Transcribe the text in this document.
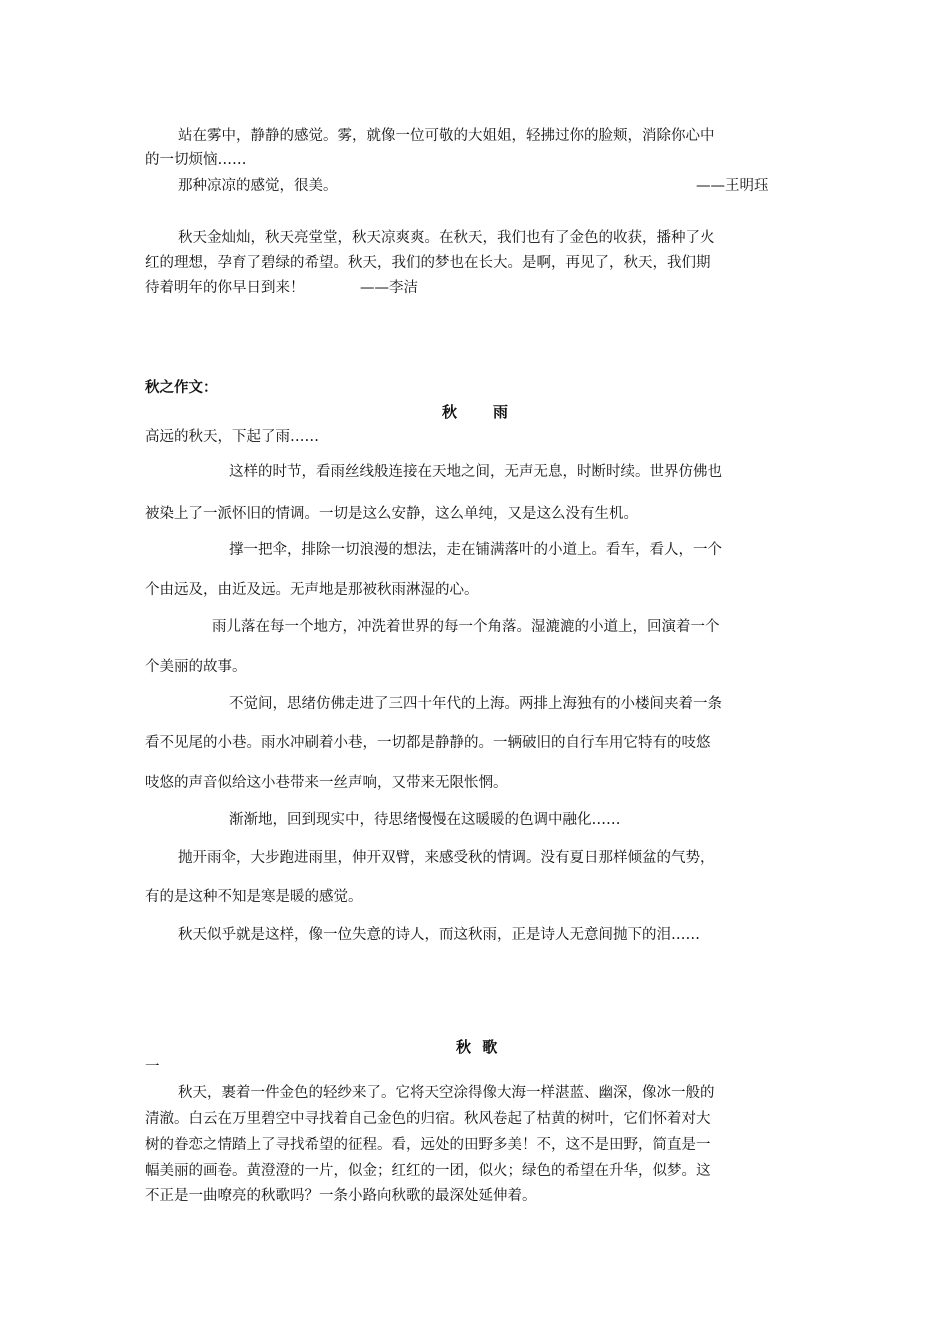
站在雾中，静静的感觉。雾，就像一位可敬的大姐姐，轻拂过你的脸颊，消除你心中
的一切烦恼……
那种凉凉的感觉，很美。	——王明珏
秋天金灿灿，秋天亮堂堂，秋天凉爽爽。在秋天，我们也有了金色的收获，播种了火
红的理想，孕育了碧绿的希望。秋天，我们的梦也在长大。是啊，再见了，秋天，我们期
待着明年的你早日到来！	——李洁
秋之作文：
秋 雨
高远的秋天，下起了雨……
这样的时节，看雨丝线般连接在天地之间，无声无息，时断时续。世界仿佛也
被染上了一派怀旧的情调。一切是这么安静，这么单纯，又是这么没有生机。
撑一把伞，排除一切浪漫的想法，走在铺满落叶的小道上。看车，看人，一个
个由远及，由近及远。无声地是那被秋雨淋湿的心。
雨儿落在每一个地方，冲洗着世界的每一个角落。湿漉漉的小道上，回演着一个
个美丽的故事。
不觉间，思绪仿佛走进了三四十年代的上海。两排上海独有的小楼间夹着一条
看不见尾的小巷。雨水冲刷着小巷，一切都是静静的。一辆破旧的自行车用它特有的吱悠
吱悠的声音似给这小巷带来一丝声响，又带来无限怅惘。
渐渐地，回到现实中，待思绪慢慢在这暖暖的色调中融化……
抛开雨伞，大步跑进雨里，伸开双臂，来感受秋的情调。没有夏日那样倾盆的气势，
有的是这种不知是寒是暖的感觉。
秋天似乎就是这样，像一位失意的诗人，而这秋雨，正是诗人无意间抛下的泪……
秋 歌
一
秋天，裹着一件金色的轻纱来了。它将天空涂得像大海一样湛蓝、幽深，像冰一般的
清澈。白云在万里碧空中寻找着自己金色的归宿。秋风卷起了枯黄的树叶，它们怀着对大
树的眷恋之情踏上了寻找希望的征程。看，远处的田野多美！不，这不是田野，简直是一
幅美丽的画卷。黄澄澄的一片，似金；红红的一团，似火；绿色的希望在升华，似梦。这
不正是一曲嘹亮的秋歌吗？一条小路向秋歌的最深处延伸着。
